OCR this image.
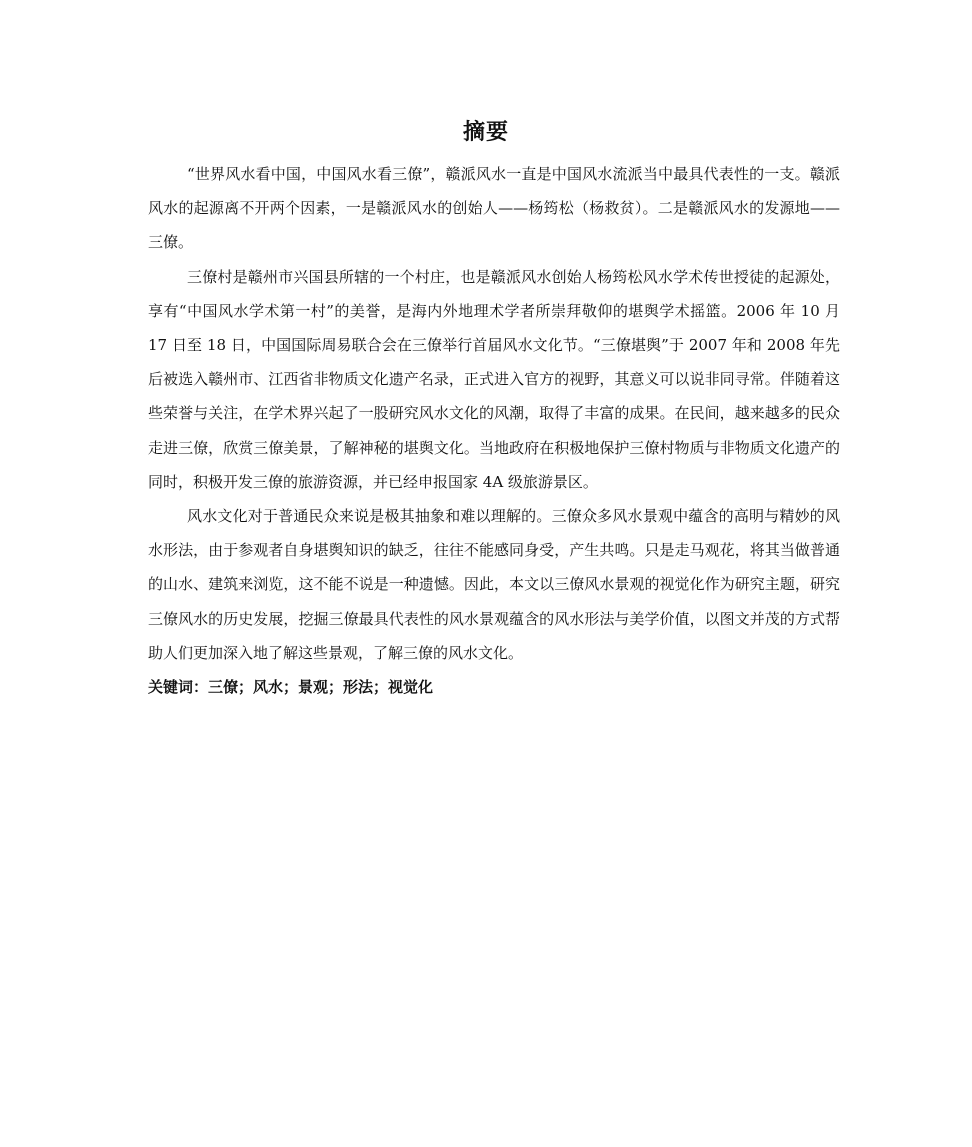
摘要

“世界风水看中国，中国风水看三僚”，赣派风水一直是中国风水流派当中最具代表性的一支。赣派风水的起源离不开两个因素，一是赣派风水的创始人——杨筠松（杨救贫）。二是赣派风水的发源地——三僚。

三僚村是赣州市兴国县所辖的一个村庄，也是赣派风水创始人杨筠松风水学术传世授徒的起源处，享有“中国风水学术第一村”的美誉，是海内外地理术学者所崇拜敬仰的堪舆学术摇篮。2006 年 10 月 17 日至 18 日，中国国际周易联合会在三僚举行首届风水文化节。“三僚堪舆”于 2007 年和 2008 年先后被选入赣州市、江西省非物质文化遗产名录，正式进入官方的视野，其意义可以说非同寻常。伴随着这些荣誉与关注，在学术界兴起了一股研究风水文化的风潮，取得了丰富的成果。在民间，越来越多的民众走进三僚，欣赏三僚美景，了解神秘的堪舆文化。当地政府在积极地保护三僚村物质与非物质文化遗产的同时，积极开发三僚的旅游资源，并已经申报国家 4A 级旅游景区。

风水文化对于普通民众来说是极其抽象和难以理解的。三僚众多风水景观中蕴含的高明与精妙的风水形法，由于参观者自身堪舆知识的缺乏，往往不能感同身受，产生共鸣。只是走马观花，将其当做普通的山水、建筑来浏览，这不能不说是一种遗憾。因此，本文以三僚风水景观的视觉化作为研究主题，研究三僚风水的历史发展，挖掘三僚最具代表性的风水景观蕴含的风水形法与美学价值，以图文并茂的方式帮助人们更加深入地了解这些景观，了解三僚的风水文化。

关键词：三僚；风水；景观；形法；视觉化
